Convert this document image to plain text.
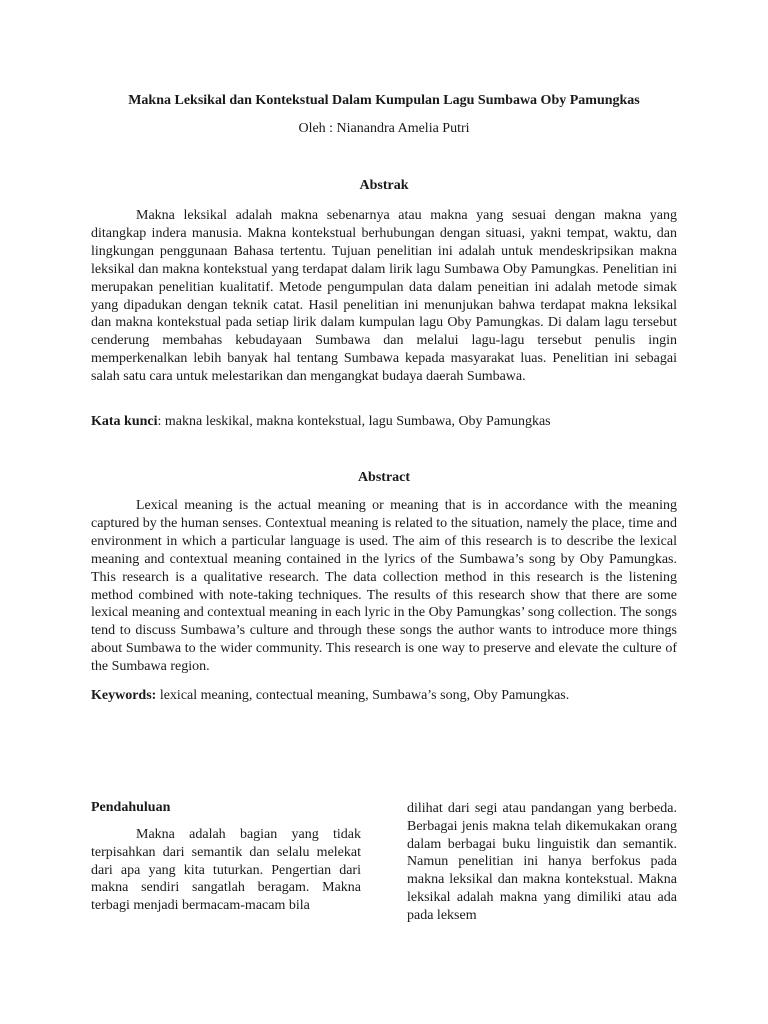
Makna Leksikal dan Kontekstual Dalam Kumpulan Lagu Sumbawa Oby Pamungkas
Oleh : Nianandra Amelia Putri
Abstrak

Makna leksikal adalah makna sebenarnya atau makna yang sesuai dengan makna yang ditangkap indera manusia. Makna kontekstual berhubungan dengan situasi, yakni tempat, waktu, dan lingkungan penggunaan Bahasa tertentu. Tujuan penelitian ini adalah untuk mendeskripsikan makna leksikal dan makna kontekstual yang terdapat dalam lirik lagu Sumbawa Oby Pamungkas. Penelitian ini merupakan penelitian kualitatif. Metode pengumpulan data dalam peneitian ini adalah metode simak yang dipadukan dengan teknik catat. Hasil penelitian ini menunjukan bahwa terdapat makna leksikal dan makna kontekstual pada setiap lirik dalam kumpulan lagu Oby Pamungkas. Di dalam lagu tersebut cenderung membahas kebudayaan Sumbawa dan melalui lagu-lagu tersebut penulis ingin memperkenalkan lebih banyak hal tentang Sumbawa kepada masyarakat luas. Penelitian ini sebagai salah satu cara untuk melestarikan dan mengangkat budaya daerah Sumbawa.

Kata kunci: makna leskikal, makna kontekstual, lagu Sumbawa, Oby Pamungkas

Abstract

Lexical meaning is the actual meaning or meaning that is in accordance with the meaning captured by the human senses. Contextual meaning is related to the situation, namely the place, time and environment in which a particular language is used. The aim of this research is to describe the lexical meaning and contextual meaning contained in the lyrics of the Sumbawa’s song by Oby Pamungkas. This research is a qualitative research. The data collection method in this research is the listening method combined with note-taking techniques. The results of this research show that there are some lexical meaning and contextual meaning in each lyric in the Oby Pamungkas’ song collection. The songs tend to discuss Sumbawa’s culture and through these songs the author wants to introduce more things about Sumbawa to the wider community. This research is one way to preserve and elevate the culture of the Sumbawa region.

Keywords: lexical meaning, contectual meaning, Sumbawa’s song, Oby Pamungkas.

Pendahuluan

Makna adalah bagian yang tidak terpisahkan dari semantik dan selalu melekat dari apa yang kita tuturkan. Pengertian dari makna sendiri sangatlah beragam. Makna terbagi menjadi bermacam-macam bila

dilihat dari segi atau pandangan yang berbeda. Berbagai jenis makna telah dikemukakan orang dalam berbagai buku linguistik dan semantik. Namun penelitian ini hanya berfokus pada makna leksikal dan makna kontekstual. Makna leksikal adalah makna yang dimiliki atau ada pada leksem
